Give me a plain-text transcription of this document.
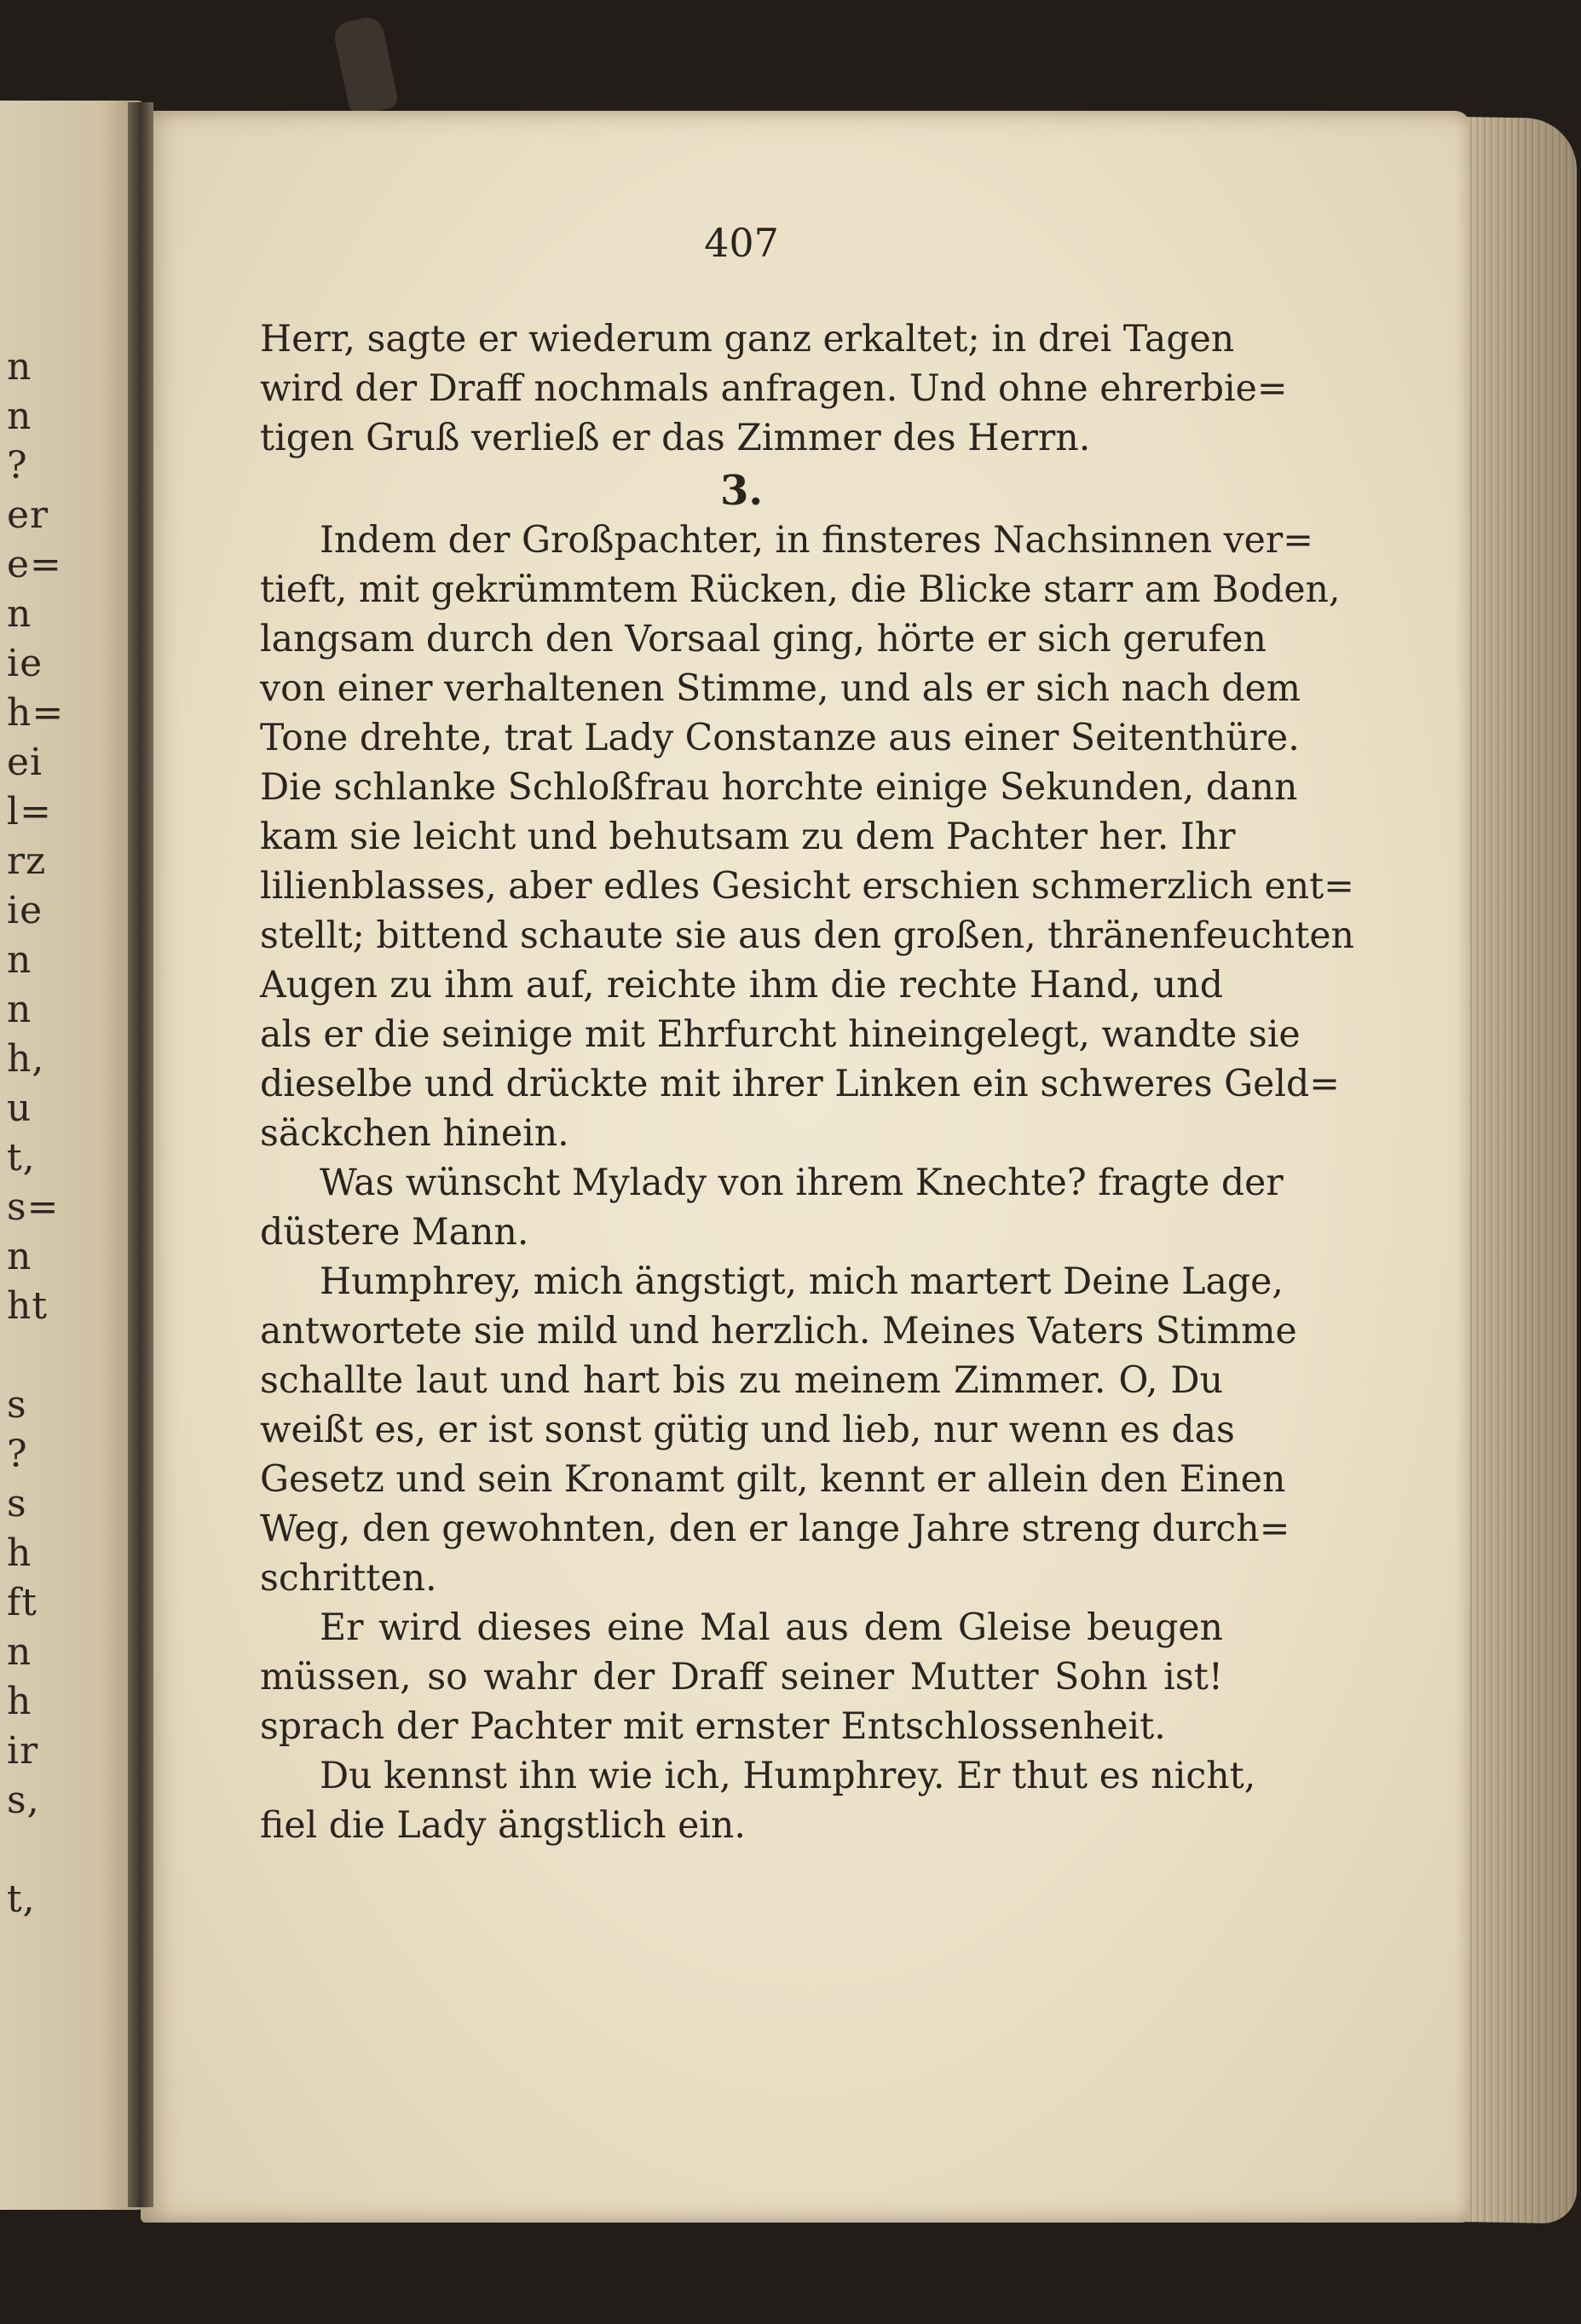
n
n
?
er
e=
n
ie
h=
ei
l=
rz
ie
n
n
h,
u
t,
s=
n
ht
s
?
s
h
ft
n
h
ir
s,
t,
407
Herr, sagte er wiederum ganz erkaltet; in drei Tagen
wird der Draff nochmals anfragen. Und ohne ehrerbie=
tigen Gruß verließ er das Zimmer des Herrn.
3.
Indem der Großpachter, in finsteres Nachsinnen ver=
tieft, mit gekrümmtem Rücken, die Blicke starr am Boden,
langsam durch den Vorsaal ging, hörte er sich gerufen
von einer verhaltenen Stimme, und als er sich nach dem
Tone drehte, trat Lady Constanze aus einer Seitenthüre.
Die schlanke Schloßfrau horchte einige Sekunden, dann
kam sie leicht und behutsam zu dem Pachter her. Ihr
lilienblasses, aber edles Gesicht erschien schmerzlich ent=
stellt; bittend schaute sie aus den großen, thränenfeuchten
Augen zu ihm auf, reichte ihm die rechte Hand, und
als er die seinige mit Ehrfurcht hineingelegt, wandte sie
dieselbe und drückte mit ihrer Linken ein schweres Geld=
säckchen hinein.
Was wünscht Mylady von ihrem Knechte? fragte der
düstere Mann.
Humphrey, mich ängstigt, mich martert Deine Lage,
antwortete sie mild und herzlich. Meines Vaters Stimme
schallte laut und hart bis zu meinem Zimmer. O, Du
weißt es, er ist sonst gütig und lieb, nur wenn es das
Gesetz und sein Kronamt gilt, kennt er allein den Einen
Weg, den gewohnten, den er lange Jahre streng durch=
schritten.
Er wird dieses eine Mal aus dem Gleise beugen
müssen, so wahr der Draff seiner Mutter Sohn ist!
sprach der Pachter mit ernster Entschlossenheit.
Du kennst ihn wie ich, Humphrey. Er thut es nicht,
fiel die Lady ängstlich ein.
